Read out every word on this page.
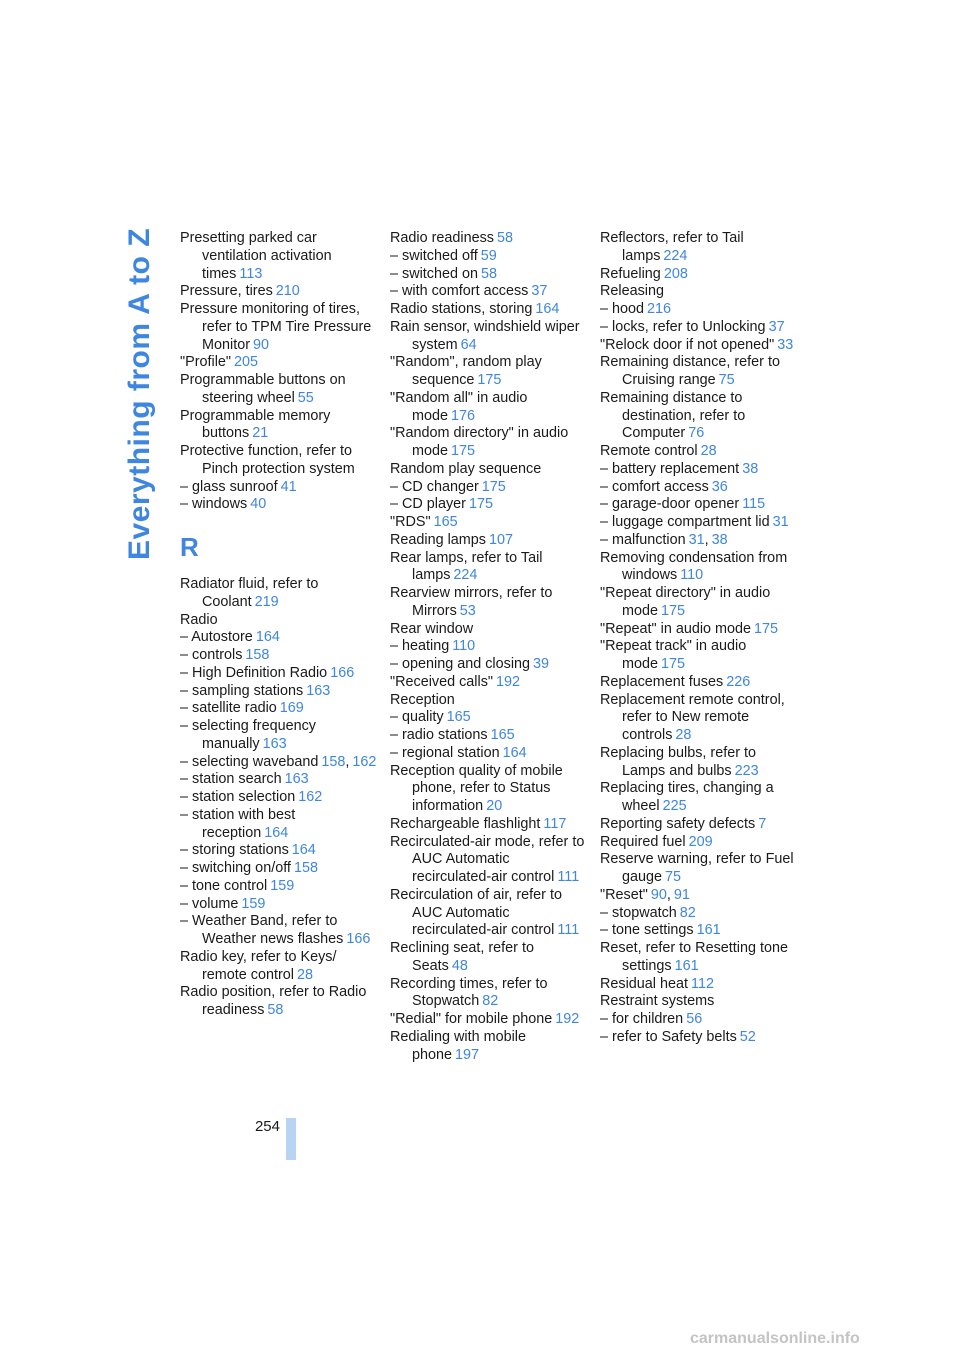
Everything from A to Z Presetting parked car ventilation activation times 113
Pressure, tires 210
Pressure monitoring of tires, refer to TPM Tire Pressure Monitor 90
"Profile" 205
Programmable buttons on steering wheel 55
Programmable memory buttons 21
Protective function, refer to Pinch protection system
– glass sunroof 41
– windows 40
R
Radiator fluid, refer to Coolant 219
Radio
– Autostore 164
– controls 158
– High Definition Radio 166
– sampling stations 163
– satellite radio 169
– selecting frequency manually 163
– selecting waveband 158, 162
– station search 163
– station selection 162
– station with best reception 164
– storing stations 164
– switching on/off 158
– tone control 159
– volume 159
– Weather Band, refer to Weather news flashes 166
Radio key, refer to Keys/ remote control 28
Radio position, refer to Radio readiness 58
Radio readiness 58
– switched off 59
– switched on 58
– with comfort access 37
Radio stations, storing 164
Rain sensor, windshield wiper system 64
"Random", random play sequence 175
"Random all" in audio mode 176
"Random directory" in audio mode 175
Random play sequence
– CD changer 175
– CD player 175
"RDS" 165
Reading lamps 107
Rear lamps, refer to Tail lamps 224
Rearview mirrors, refer to Mirrors 53
Rear window
– heating 110
– opening and closing 39
"Received calls" 192
Reception
– quality 165
– radio stations 165
– regional station 164
Reception quality of mobile phone, refer to Status information 20
Rechargeable flashlight 117
Recirculated-air mode, refer to AUC Automatic recirculated-air control 111
Recirculation of air, refer to AUC Automatic recirculated-air control 111
Reclining seat, refer to Seats 48
Recording times, refer to Stopwatch 82
"Redial" for mobile phone 192
Redialing with mobile phone 197
Reflectors, refer to Tail lamps 224
Refueling 208
Releasing
– hood 216
– locks, refer to Unlocking 37
"Relock door if not opened" 33
Remaining distance, refer to Cruising range 75
Remaining distance to destination, refer to Computer 76
Remote control 28
– battery replacement 38
– comfort access 36
– garage-door opener 115
– luggage compartment lid 31
– malfunction 31, 38
Removing condensation from windows 110
"Repeat directory" in audio mode 175
"Repeat" in audio mode 175
"Repeat track" in audio mode 175
Replacement fuses 226
Replacement remote control, refer to New remote controls 28
Replacing bulbs, refer to Lamps and bulbs 223
Replacing tires, changing a wheel 225
Reporting safety defects 7
Required fuel 209
Reserve warning, refer to Fuel gauge 75
"Reset" 90, 91
– stopwatch 82
– tone settings 161
Reset, refer to Resetting tone settings 161
Residual heat 112
Restraint systems
– for children 56
– refer to Safety belts 52
254
carmanualsonline.info
